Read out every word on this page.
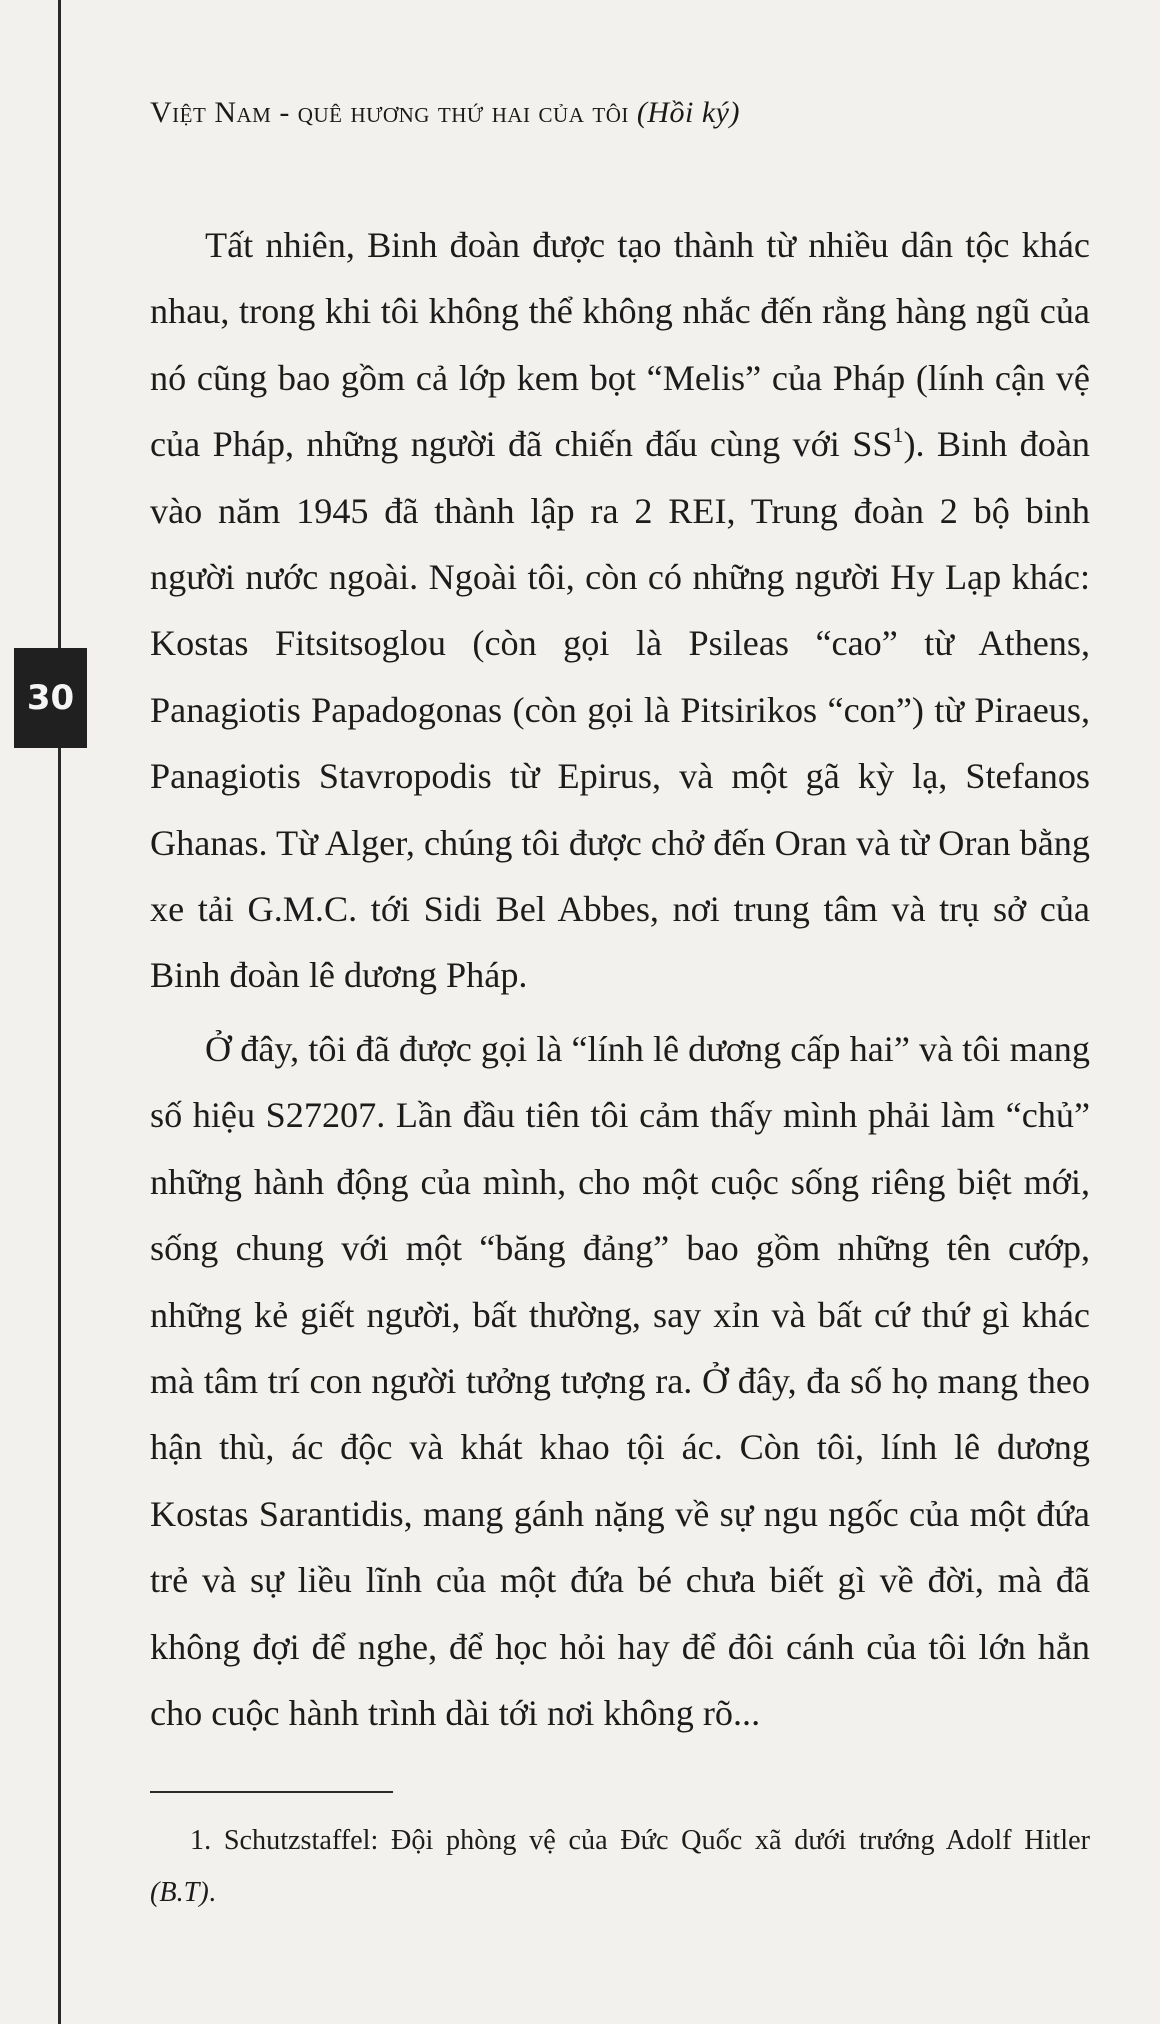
Việt Nam - quê hương thứ hai của tôi (Hồi ký)
30

Tất nhiên, Binh đoàn được tạo thành từ nhiều dân tộc khác nhau, trong khi tôi không thể không nhắc đến rằng hàng ngũ của nó cũng bao gồm cả lớp kem bọt “Melis” của Pháp (lính cận vệ của Pháp, những người đã chiến đấu cùng với $SS^1$). Binh đoàn vào năm 1945 đã thành lập ra 2 REI, Trung đoàn 2 bộ binh người nước ngoài. Ngoài tôi, còn có những người Hy Lạp khác: Kostas Fitsitsoglou (còn gọi là Psileas “cao” từ Athens, Panagiotis Papadogonas (còn gọi là Pitsirikos “con”) từ Piraeus, Panagiotis Stavropodis từ Epirus, và một gã kỳ lạ, Stefanos Ghanas. Từ Alger, chúng tôi được chở đến Oran và từ Oran bằng xe tải G.M.C. tới Sidi Bel Abbes, nơi trung tâm và trụ sở của Binh đoàn lê dương Pháp.

Ở đây, tôi đã được gọi là “lính lê dương cấp hai” và tôi mang số hiệu S27207. Lần đầu tiên tôi cảm thấy mình phải làm “chủ” những hành động của mình, cho một cuộc sống riêng biệt mới, sống chung với một “băng đảng” bao gồm những tên cướp, những kẻ giết người, bất thường, say xỉn và bất cứ thứ gì khác mà tâm trí con người tưởng tượng ra. Ở đây, đa số họ mang theo hận thù, ác độc và khát khao tội ác. Còn tôi, lính lê dương Kostas Sarantidis, mang gánh nặng về sự ngu ngốc của một đứa trẻ và sự liều lĩnh của một đứa bé chưa biết gì về đời, mà đã không đợi để nghe, để học hỏi hay để đôi cánh của tôi lớn hẳn cho cuộc hành trình dài tới nơi không rõ...

1. Schutzstaffel: Đội phòng vệ của Đức Quốc xã dưới trướng Adolf Hitler (B.T).
